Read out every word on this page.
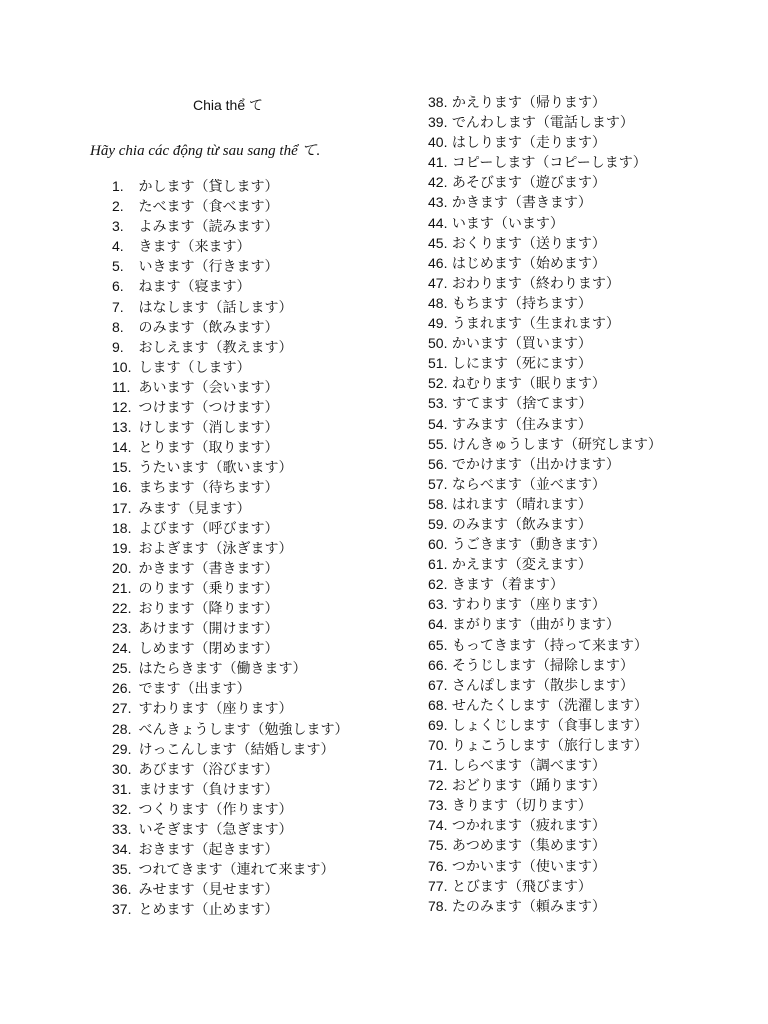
Chia thể て
Hãy chia các động từ sau sang thể て.
1. かします（貸します）
2. たべます（食べます）
3. よみます（読みます）
4. きます（来ます）
5. いきます（行きます）
6. ねます（寝ます）
7. はなします（話します）
8. のみます（飲みます）
9. おしえます（教えます）
10. します（します）
11. あいます（会います）
12. つけます（つけます）
13. けします（消します）
14. とります（取ります）
15. うたいます（歌います）
16. まちます（待ちます）
17. みます（見ます）
18. よびます（呼びます）
19. およぎます（泳ぎます）
20. かきます（書きます）
21. のります（乗ります）
22. おります（降ります）
23. あけます（開けます）
24. しめます（閉めます）
25. はたらきます（働きます）
26. でます（出ます）
27. すわります（座ります）
28. べんきょうします（勉強します）
29. けっこんします（結婚します）
30. あびます（浴びます）
31. まけます（負けます）
32. つくります（作ります）
33. いそぎます（急ぎます）
34. おきます（起きます）
35. つれてきます（連れて来ます）
36. みせます（見せます）
37. とめます（止めます）
38. かえります（帰ります）
39. でんわします（電話します）
40. はしります（走ります）
41. コピーします（コピーします）
42. あそびます（遊びます）
43. かきます（書きます）
44. います（います）
45. おくります（送ります）
46. はじめます（始めます）
47. おわります（終わります）
48. もちます（持ちます）
49. うまれます（生まれます）
50. かいます（買います）
51. しにます（死にます）
52. ねむります（眠ります）
53. すてます（捨てます）
54. すみます（住みます）
55. けんきゅうします（研究します）
56. でかけます（出かけます）
57. ならべます（並べます）
58. はれます（晴れます）
59. のみます（飲みます）
60. うごきます（動きます）
61. かえます（変えます）
62. きます（着ます）
63. すわります（座ります）
64. まがります（曲がります）
65. もってきます（持って来ます）
66. そうじします（掃除します）
67. さんぽします（散歩します）
68. せんたくします（洗濯します）
69. しょくじします（食事します）
70. りょこうします（旅行します）
71. しらべます（調べます）
72. おどります（踊ります）
73. きります（切ります）
74. つかれます（疲れます）
75. あつめます（集めます）
76. つかいます（使います）
77. とびます（飛びます）
78. たのみます（頼みます）
